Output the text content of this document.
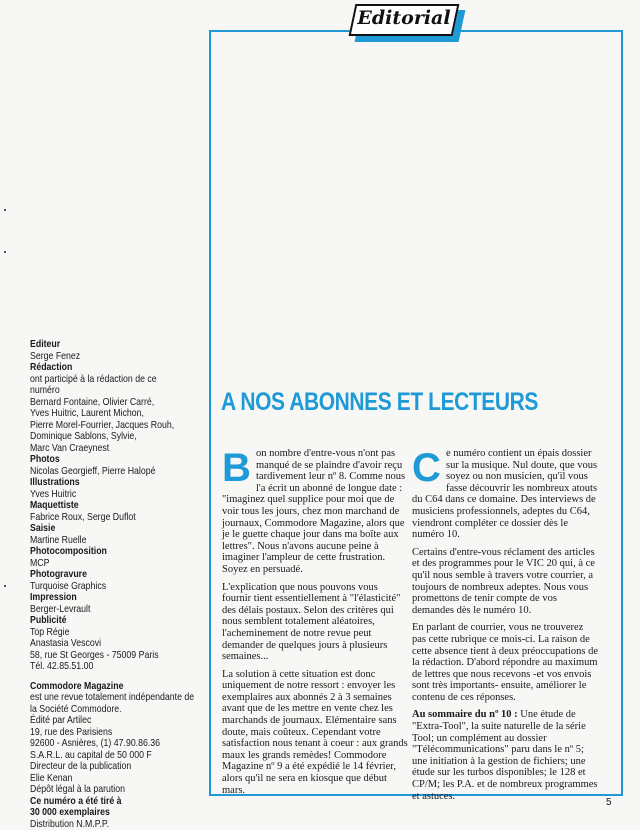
Editorial
Editeur
Serge Fenez
Rédaction
ont participé à la rédaction de ce
numéro
Bernard Fontaine, Olivier Carré,
Yves Huitric, Laurent Michon,
Pierre Morel-Fourrier, Jacques Rouh,
Dominique Sablons, Sylvie,
Marc Van Craeynest
Photos
Nicolas Georgieff, Pierre Halopé
Illustrations
Yves Huitric
Maquettiste
Fabrice Roux, Serge Duflot
Saisie
Martine Ruelle
Photocomposition
MCP
Photogravure
Turquoise Graphics
Impression
Berger-Levrault
Publicité
Top Régie
Anastasia Vescovi
58, rue St Georges - 75009 Paris
Tél. 42.85.51.00
Commodore Magazine
est une revue totalement indépendante de
la Société Commodore.
Édité par Artilec
19, rue des Parisiens
92600 - Asnières, (1) 47.90.86.36
S.A.R.L. au capital de 50 000 F
Directeur de la publication
Elie Kenan
Dépôt légal à la parution
Ce numéro a été tiré à
30 000 exemplaires
Distribution N.M.P.P.
A NOS ABONNES ET LECTEURS
B on nombre d'entre-vous n'ont pas manqué de se plaindre d'avoir reçu tardivement leur nº 8. Comme nous l'a écrit un abonné de longue date : "imaginez quel supplice pour moi que de voir tous les jours, chez mon marchand de journaux, Commodore Magazine, alors que je le guette chaque jour dans ma boîte aux lettres". Nous n'avons aucune peine à imaginer l'ampleur de cette frustration. Soyez en persuadé.

L'explication que nous pouvons vous fournir tient essentiellement à "l'élasticité" des délais postaux. Selon des critères qui nous semblent totalement aléatoires, l'acheminement de notre revue peut demander de quelques jours à plusieurs semaines...

La solution à cette situation est donc uniquement de notre ressort : envoyer les exemplaires aux abonnés 2 à 3 semaines avant que de les mettre en vente chez les marchands de journaux. Elémentaire sans doute, mais coûteux. Cependant votre satisfaction nous tenant à coeur : aux grands maux les grands remèdes! Commodore Magazine nº 9 a été expédié le 14 février, alors qu'il ne sera en kiosque que début mars.

C e numéro contient un épais dossier sur la musique. Nul doute, que vous soyez ou non musicien, qu'il vous fasse découvrir les nombreux atouts du C64 dans ce domaine. Des interviews de musiciens professionnels, adeptes du C64, viendront compléter ce dossier dès le numéro 10.

Certains d'entre-vous réclament des articles et des programmes pour le VIC 20 qui, à ce qu'il nous semble à travers votre courrier, a toujours de nombreux adeptes. Nous vous promettons de tenir compte de vos demandes dès le numéro 10.

En parlant de courrier, vous ne trouverez pas cette rubrique ce mois-ci. La raison de cette absence tient à deux préoccupations de la rédaction. D'abord répondre au maximum de lettres que nous recevons -et vos envois sont très importants- ensuite, améliorer le contenu de ces réponses.

Au sommaire du nº 10 : Une étude de "Extra-Tool", la suite naturelle de la série Tool; un complément au dossier "Télécommunications" paru dans le nº 5; une initiation à la gestion de fichiers; une étude sur les turbos disponibles; le 128 et CP/M; les P.A. et de nombreux programmes et astuces.

5
